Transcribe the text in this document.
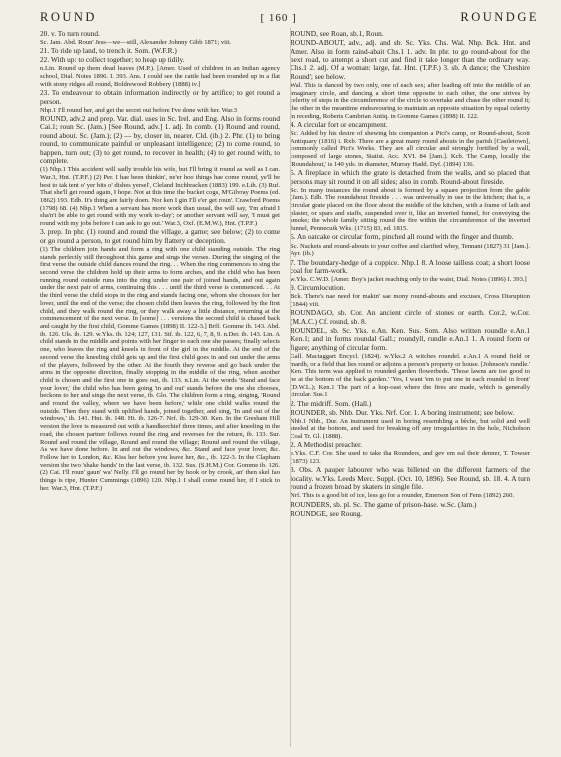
ROUND	[ 160 ]	ROUNDGE

20. v. To turn round.

Sc. Jam. Abd. Roun' Jess—we—still, Alexander Johnny Gibb 1871; viii.

21. To ride up land, to trench it. Som. (W.F.R.)

22. With up: to collect together; to heap up tidily.

n.Lin. Round up them dead leaves (M.P.). [Amer. Used of children in an Indian agency school, Dial. Notes 1896. I. 393. Ans. I could see the cattle had been rounded up in a flat with stony ridges all round, Boldrewood Robbery (1888) iv.]

23. To endeavour to obtain information indirectly or by artifice; to get round a person.

Nhp.1 I'll round her, and get the secret out before I've done with her. War.3

ROUND, adv.2 and prep. Var. dial. uses in Sc. Irel. and Eng. Also in forms round Cai.1; roun Sc. (Jam.) [See Round, adv.] 1. adj. In comb. (1) Round and round, round about. Sc. (Jam.); (2) — by, closer in, nearer. Cld. (ib.) 2. Phr. (1) to bring round, to communicate painful or unpleasant intelligence; (2) to come round, to happen, turn out; (3) to get round, to recover in health; (4) to get round with, to complete.

(1) Nhp.1 This accident will sadly trouble his wife, but I'll bring it round as well as I can. War.3, Hnt. (T.P.F.) (2) Per. I hae been thinkin', ne'er hoo things hae come round, ye'll be best to tak tent o' yer bits o' dishes yersel', Cleland Inchbracken (1883) 199. e.Lth. (3) Ruf. That she'll get round again, I hope. Not at this time the bucket cogs, M'Gilvray Poems (ed. 1862) 193. Edb. It's thing are fairly doen. Nor ken I gin I'll e'er get roun'. Crawford Poems (1798) 68. (4) Nhp.1 When a servant has more work than usual, the will say, 'I'm afraid I sha'n't be able to get round with my work to-day'; or another servant will say, 'I must get round with my jobs before I can ask to go out.' War.3, Oxf. (E.M.W.), Hnt. (T.P.F.)

3. prep. In phr. (1) round and round the village, a game; see below; (2) to come or go round a person, to get round him by flattery or deception.

(1) The children join hands and form a ring with one child standing outside. The ring stands perfectly still throughout this game and sings the verses. During the singing of the first verse the outside child dances round the ring. . . When the ring commences to sing the second verse the children hold up their arms to form arches, and the child who has been running round outside runs into the ring under one pair of joined hands, and out again under the next pair of arms, continuing this . . . until the third verse is commenced. . . At the third verse the child stops in the ring and stands facing one, whom she chooses for her lover, until the end of the verse; the chosen child then leaves the ring, followed by the first child, and they walk round the ring, or they walk away a little distance, returning at the commencement of the next verse. In [some] . . . versions the second child is chased back and caught by the first child, Gomme Games (1898) II. 122-3.] Brff. Gomme ib. 143. Abd. ib. 126. Uls. ib. 129. w.Yks. ib. 124; 127, 131. Stf. ib. 122, 6, 7, 8, 9. n.Der. ib. 143. Lin. A child stands in the middle and points with her finger to each one she passes; finally selects one, who leaves the ring and kneels in front of the girl in the middle. At the end of the second verse the kneeling child gets up and the first child goes in and out under the arms of the players, followed by the other. At the fourth they reverse and go back under the arms in the opposite direction, finally stopping in the middle of the ring, when another child is chosen and the first one in goes out, ib. 133. n.Lin. At the words 'Stand and face your lover,' the child who has been going 'in and out' stands before the one she chooses, beckons to her and sings the next verse, ib. Glo. The children form a ring, singing, 'Round and round the valley, where we have been before,' while one child walks round the outside. Then they stand with uplifted hands, joined together, and sing, 'In and out of the windows,' ib. 141. Hnt. ib. 148. Ht. ib. 126-7. Nrf. ib. 129-30. Ken. In the Gresham Hill version the love is measured out with a handkerchief three times, and after kneeling in the road, the chosen partner follows round the ring and reverses for the return, ib. 133. Sur. Round and round the village, Round and round the village; Round and round the village, As we have done before. In and out the windows, &c. Stand and face your lover, &c. Follow her to London, &c. Kiss her before you leave her, &c., ib. 122-3. In the Clapham version the two 'shake hands' in the last verse, ib. 132. Sus. (S.H.M.) Cor. Gomme ib. 126. (2) Cai. I'll roun' gaun' wa' Nelly. I'll go round her by hook or by crook, an' then skel fao things is ripe, Hunter Cummings (1896) 120. Nhp.1 I shall come round her, if I stick to her. War.3, Hnt. (T.P.F.)

ROUND, see Roan, sb.1, Roun.

ROUND-ABOUT, adv., adj. and sb. Sc. Yks. Chs. Wal. Nhp. Bck. Hnt. and Amer. Also in form raind-abait Chs.1 1. adv. In phr. to go round-about for the next road, to attempt a short cut and find it take longer than the ordinary way. Chs.1 2. adj. Of a woman: large, fat. Hnt. (T.P.F.) 3. sb. A dance; the 'Cheshire Round'; see below.

Wal. This is danced by two only, one of each sex; after leading off into the middle of an imaginary circle, and dancing a short time opposite to each other, the one strives by celerity of steps in the circumference of the circle to overtake and chase the other round it; the other in the meantime endeavouring to maintain an opposite situation by equal celerity in receding, Roberts Cambrian Antiq. in Gomme Games (1898) II. 122.

4. A circular fort or encampment.

Sc. Added by his desire of shewing his companion a Pict's camp, or Round-about, Scott Antiquary (1816) i. Rxb. There are a great many round abouts in the parish [Castletown], commonly called Pict's Works. They are all circular and strongly fortified by a wall, composed of large stones, Statist. Acc. XVI. 84 [Jam.]. Kcb. The Camp, locally the 'Roundabout,' is 140 yds. in diameter, Murray Hadd. Dyf. (1894) 136.

5. A fireplace in which the grate is detached from the walls, and so placed that persons may sit round it on all sides; also in comb. Round-about fireside.

Sc. In many instances the round about is formed by a square projection from the gable (Jam.). Edb. The roundabout fireside . . . was universally in use in the kitchen; that is, a circular grate placed on the floor about the middle of the kitchen, with a frame of lath and plaster, or spars and staffs, suspended over it, like an inverted funnel, for conveying the smoke; the whole family sitting round the fire within the circumference of the inverted funnel, Pennecuik Wks. (1715) 83, ed. 1815.

6. An oatcake or circular form, pinched all round with the finger and thumb.

Sc. Nackets and round-abouts to your coffee and clarified whey, Tennant (1827) 31 [Jam.]. Ayr. (ib.)

7. The boundary-hedge of a coppice. Nhp.1 8. A loose tailless coat; a short loose coal for farm-work.

w.Yks. C.W.D. [Amer. Boy's jacket reaching only to the waist, Dial. Notes (1896) I. 393.]

9. Circumlocution.

Bck. There's nae need for makin' sae mony round-abouts and excuses, Cross Disruption (1844) viii.

ROUNDAGO, sb. Cor. An ancient circle of stones or earth. Cor.2, w.Cor. (M.A.C.) Cf. round, sb. 8.

ROUNDEL, sb. Sc. Yks. e.An. Ken. Sus. Som. Also written roundle e.An.1 Ken.1; and in forms roundal Gall.; roundyll, rundle e.An.1 1. A round form or figure; anything of circular form.

Gall. Mactaggart Encycl. (1824). w.Yks.2 A witches roundel. e.An.1 A round field or mardh, or a field that lies round or adjoins a person's property or house. [Johnson's rundle.' Ken. This term was applied to rounded garden flowerbeds. 'Those lawns are too good to be at the bottom of the back garden.' 'Yes, I want 'em to put one in each roundel in front' (D.W.L.); Ken.1 The part of a hop-oast where the fires are made, which is generally circular. Sus.1

2. The midriff. Som. (Hall.)

ROUNDER, sb. Nhb. Dur. Yks. Nrf. Cor. 1. A boring instrument; see below.

Nhb.1 Nhb., Dur. An instrument used in boring resembling a bêche, but solid and well steeled at the bottom, and used for breaking off any irregularities in the hole, Nicholson Coal Tr. Gl. (1888).

2. A Methodist preacher.

e.Yks. C.F. Cor. She used to take tha Rounders, and gev em eal their denner, T. Towser (1873) 123.

3. Obs. A pauper labourer who was billeted on the different farmers of the locality. w.Yks. Leeds Merc. Suppl. (Oct. 10, 1896). See Round, sb. 18. 4. A turn round a frozen broad by skaters in single file.

Nrf. This is a good bit of ice, less go for a rounder, Emerson Son of Fens (1892) 260.

ROUNDERS, sb. pl. Sc. The game of prison-base. w.Sc. (Jam.)

ROUNDGE, see Roung.
